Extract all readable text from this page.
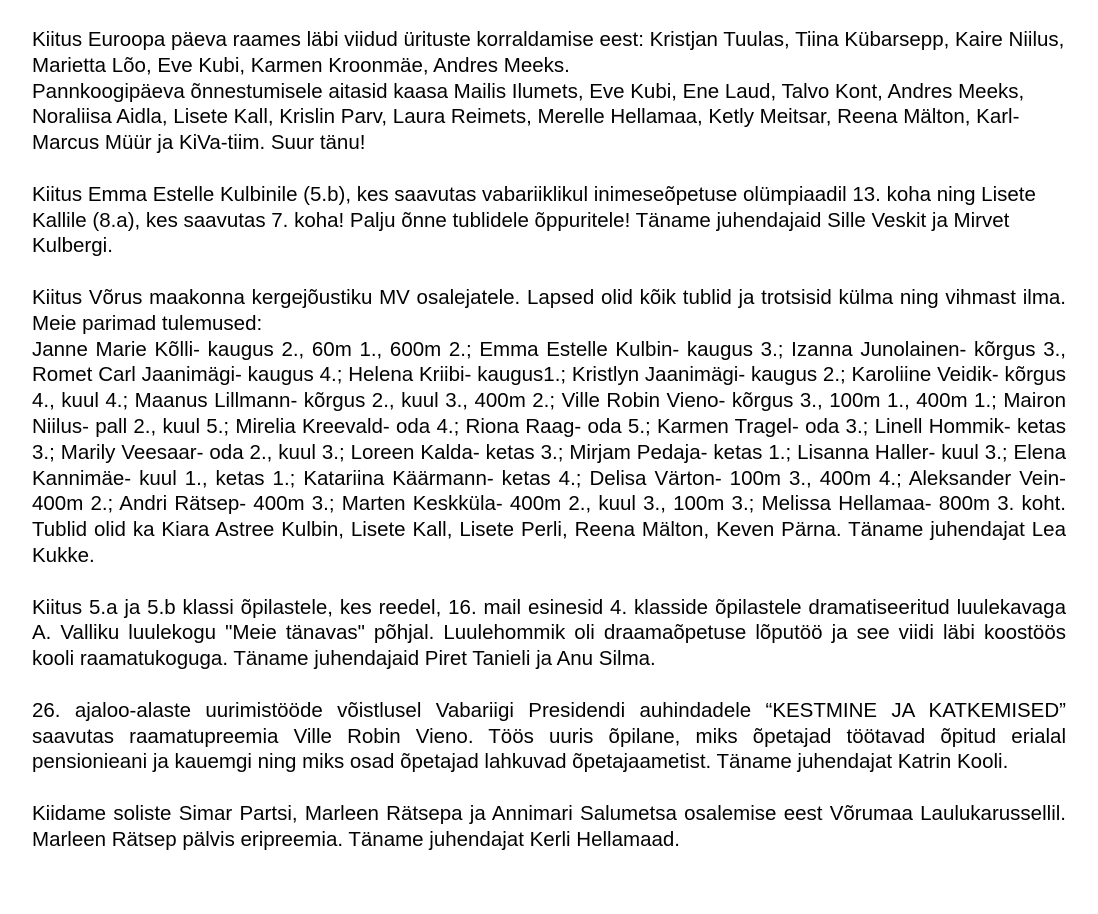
Kiitus Euroopa päeva raames läbi viidud ürituste korraldamise eest: Kristjan Tuulas, Tiina Kübarsepp, Kaire Niilus, Marietta Lõo, Eve Kubi, Karmen Kroonmäe, Andres Meeks.

Pannkoogipäeva õnnestumisele aitasid kaasa Mailis Ilumets, Eve Kubi, Ene Laud, Talvo Kont, Andres Meeks, Noraliisa Aidla, Lisete Kall, Krislin Parv, Laura Reimets, Merelle Hellamaa, Ketly Meitsar, Reena Mälton, Karl-Marcus Müür ja KiVa-tiim. Suur tänu!

Kiitus Emma Estelle Kulbinile (5.b), kes saavutas vabariiklikul inimeseõpetuse olümpiaadil 13. koha ning Lisete Kallile (8.a), kes saavutas 7. koha! Palju õnne tublidele õppuritele! Täname juhendajaid Sille Veskit ja Mirvet Kulbergi.

Kiitus Võrus maakonna kergejõustiku MV osalejatele. Lapsed olid kõik tublid ja trotsisid külma ning vihmast ilma. Meie parimad tulemused:

Janne Marie Kõlli- kaugus 2., 60m 1., 600m 2.; Emma Estelle Kulbin- kaugus 3.; Izanna Junolainen- kõrgus 3., Romet Carl Jaanimägi- kaugus 4.; Helena Kriibi- kaugus1.; Kristlyn Jaanimägi- kaugus 2.; Karoliine Veidik- kõrgus 4., kuul 4.; Maanus Lillmann- kõrgus 2., kuul 3., 400m 2.; Ville Robin Vieno- kõrgus 3., 100m 1., 400m 1.; Mairon Niilus- pall 2., kuul 5.; Mirelia Kreevald- oda 4.; Riona Raag- oda 5.; Karmen Tragel- oda 3.; Linell Hommik- ketas 3.; Marily Veesaar- oda 2., kuul 3.; Loreen Kalda- ketas 3.; Mirjam Pedaja- ketas 1.; Lisanna Haller- kuul 3.; Elena Kannimäe- kuul 1., ketas 1.; Katariina Käärmann- ketas 4.; Delisa Värton- 100m 3., 400m 4.; Aleksander Vein- 400m 2.; Andri Rätsep- 400m 3.; Marten Keskküla- 400m 2., kuul 3., 100m 3.; Melissa Hellamaa- 800m 3. koht. Tublid olid ka Kiara Astree Kulbin, Lisete Kall, Lisete Perli, Reena Mälton, Keven Pärna. Täname juhendajat Lea Kukke.

Kiitus 5.a ja 5.b klassi õpilastele, kes reedel, 16. mail esinesid 4. klasside õpilastele dramatiseeritud luulekavaga A. Valliku luulekogu "Meie tänavas" põhjal. Luulehommik oli draamaõpetuse lõputöö ja see viidi läbi koostöös kooli raamatukoguga. Täname juhendajaid Piret Tanieli ja Anu Silma.

26. ajaloo-alaste uurimistööde võistlusel Vabariigi Presidendi auhindadele “KESTMINE JA KATKEMISED” saavutas raamatupreemia Ville Robin Vieno. Töös uuris õpilane, miks õpetajad töötavad õpitud erialal pensionieani ja kauemgi ning miks osad õpetajad lahkuvad õpetajaametist. Täname juhendajat Katrin Kooli.

Kiidame soliste Simar Partsi, Marleen Rätsepa ja Annimari Salumetsa osalemise eest Võrumaa Laulukarussellil. Marleen Rätsep pälvis eripreemia. Täname juhendajat Kerli Hellamaad.
